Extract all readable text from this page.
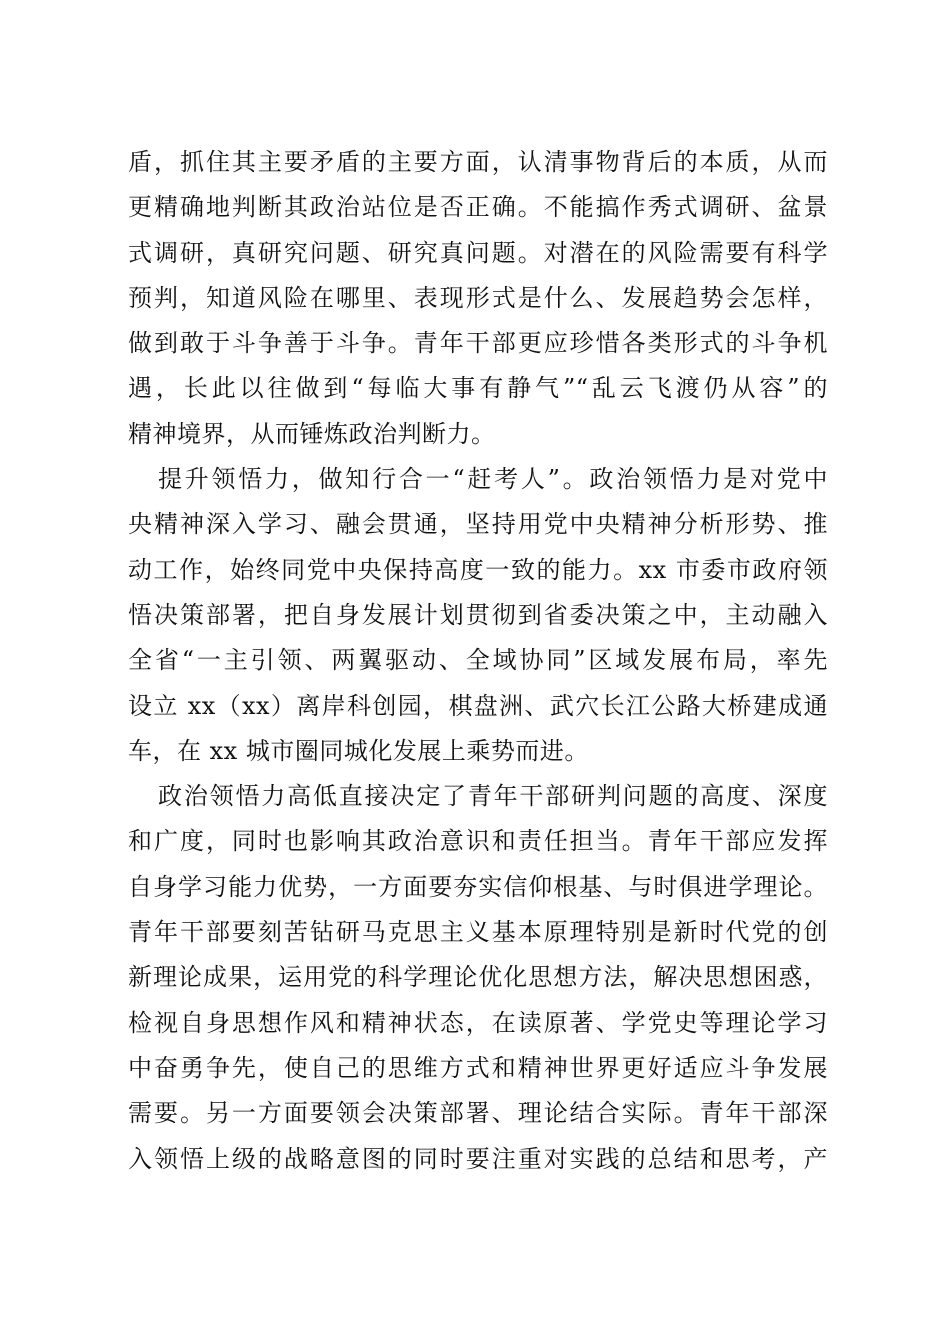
盾，抓住其主要矛盾的主要方面，认清事物背后的本质，从而
更精确地判断其政治站位是否正确。不能搞作秀式调研、盆景
式调研，真研究问题、研究真问题。对潜在的风险需要有科学
预判，知道风险在哪里、表现形式是什么、发展趋势会怎样，
做到敢于斗争善于斗争。青年干部更应珍惜各类形式的斗争机
遇，长此以往做到“每临大事有静气”“乱云飞渡仍从容”的
精神境界，从而锤炼政治判断力。
提升领悟力，做知行合一“赶考人”。政治领悟力是对党中
央精神深入学习、融会贯通，坚持用党中央精神分析形势、推
动工作，始终同党中央保持高度一致的能力。xx 市委市政府领
悟决策部署，把自身发展计划贯彻到省委决策之中，主动融入
全省“一主引领、两翼驱动、全域协同”区域发展布局，率先
设立 xx（xx）离岸科创园，棋盘洲、武穴长江公路大桥建成通
车，在 xx 城市圈同城化发展上乘势而进。
政治领悟力高低直接决定了青年干部研判问题的高度、深度
和广度，同时也影响其政治意识和责任担当。青年干部应发挥
自身学习能力优势，一方面要夯实信仰根基、与时俱进学理论。
青年干部要刻苦钻研马克思主义基本原理特别是新时代党的创
新理论成果，运用党的科学理论优化思想方法，解决思想困惑，
检视自身思想作风和精神状态，在读原著、学党史等理论学习
中奋勇争先，使自己的思维方式和精神世界更好适应斗争发展
需要。另一方面要领会决策部署、理论结合实际。青年干部深
入领悟上级的战略意图的同时要注重对实践的总结和思考，产
